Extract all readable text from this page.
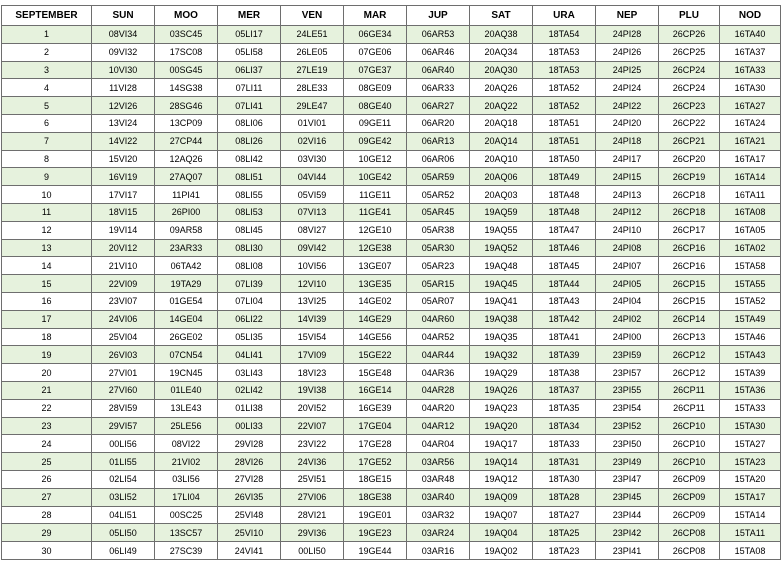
SEPTEMBER	SUN	MOO	MER	VEN	MAR	JUP	SAT	URA	NEP	PLU	NOD
1	08VI34	03SC45	05LI17	24LE51	06GE34	06AR53	20AQ38	18TA54	24PI28	26CP26	16TA40
2	09VI32	17SC08	05LI58	26LE05	07GE06	06AR46	20AQ34	18TA53	24PI26	26CP25	16TA37
3	10VI30	00SG45	06LI37	27LE19	07GE37	06AR40	20AQ30	18TA53	24PI25	26CP24	16TA33
4	11VI28	14SG38	07LI11	28LE33	08GE09	06AR33	20AQ26	18TA52	24PI24	26CP24	16TA30
5	12VI26	28SG46	07LI41	29LE47	08GE40	06AR27	20AQ22	18TA52	24PI22	26CP23	16TA27
6	13VI24	13CP09	08LI06	01VI01	09GE11	06AR20	20AQ18	18TA51	24PI20	26CP22	16TA24
7	14VI22	27CP44	08LI26	02VI16	09GE42	06AR13	20AQ14	18TA51	24PI18	26CP21	16TA21
8	15VI20	12AQ26	08LI42	03VI30	10GE12	06AR06	20AQ10	18TA50	24PI17	26CP20	16TA17
9	16VI19	27AQ07	08LI51	04VI44	10GE42	05AR59	20AQ06	18TA49	24PI15	26CP19	16TA14
10	17VI17	11PI41	08LI55	05VI59	11GE11	05AR52	20AQ03	18TA48	24PI13	26CP18	16TA11
11	18VI15	26PI00	08LI53	07VI13	11GE41	05AR45	19AQ59	18TA48	24PI12	26CP18	16TA08
12	19VI14	09AR58	08LI45	08VI27	12GE10	05AR38	19AQ55	18TA47	24PI10	26CP17	16TA05
13	20VI12	23AR33	08LI30	09VI42	12GE38	05AR30	19AQ52	18TA46	24PI08	26CP16	16TA02
14	21VI10	06TA42	08LI08	10VI56	13GE07	05AR23	19AQ48	18TA45	24PI07	26CP16	15TA58
15	22VI09	19TA29	07LI39	12VI10	13GE35	05AR15	19AQ45	18TA44	24PI05	26CP15	15TA55
16	23VI07	01GE54	07LI04	13VI25	14GE02	05AR07	19AQ41	18TA43	24PI04	26CP15	15TA52
17	24VI06	14GE04	06LI22	14VI39	14GE29	04AR60	19AQ38	18TA42	24PI02	26CP14	15TA49
18	25VI04	26GE02	05LI35	15VI54	14GE56	04AR52	19AQ35	18TA41	24PI00	26CP13	15TA46
19	26VI03	07CN54	04LI41	17VI09	15GE22	04AR44	19AQ32	18TA39	23PI59	26CP12	15TA43
20	27VI01	19CN45	03LI43	18VI23	15GE48	04AR36	19AQ29	18TA38	23PI57	26CP12	15TA39
21	27VI60	01LE40	02LI42	19VI38	16GE14	04AR28	19AQ26	18TA37	23PI55	26CP11	15TA36
22	28VI59	13LE43	01LI38	20VI52	16GE39	04AR20	19AQ23	18TA35	23PI54	26CP11	15TA33
23	29VI57	25LE56	00LI33	22VI07	17GE04	04AR12	19AQ20	18TA34	23PI52	26CP10	15TA30
24	00LI56	08VI22	29VI28	23VI22	17GE28	04AR04	19AQ17	18TA33	23PI50	26CP10	15TA27
25	01LI55	21VI02	28VI26	24VI36	17GE52	03AR56	19AQ14	18TA31	23PI49	26CP10	15TA23
26	02LI54	03LI56	27VI28	25VI51	18GE15	03AR48	19AQ12	18TA30	23PI47	26CP09	15TA20
27	03LI52	17LI04	26VI35	27VI06	18GE38	03AR40	19AQ09	18TA28	23PI45	26CP09	15TA17
28	04LI51	00SC25	25VI48	28VI21	19GE01	03AR32	19AQ07	18TA27	23PI44	26CP09	15TA14
29	05LI50	13SC57	25VI10	29VI36	19GE23	03AR24	19AQ04	18TA25	23PI42	26CP08	15TA11
30	06LI49	27SC39	24VI41	00LI50	19GE44	03AR16	19AQ02	18TA23	23PI41	26CP08	15TA08
